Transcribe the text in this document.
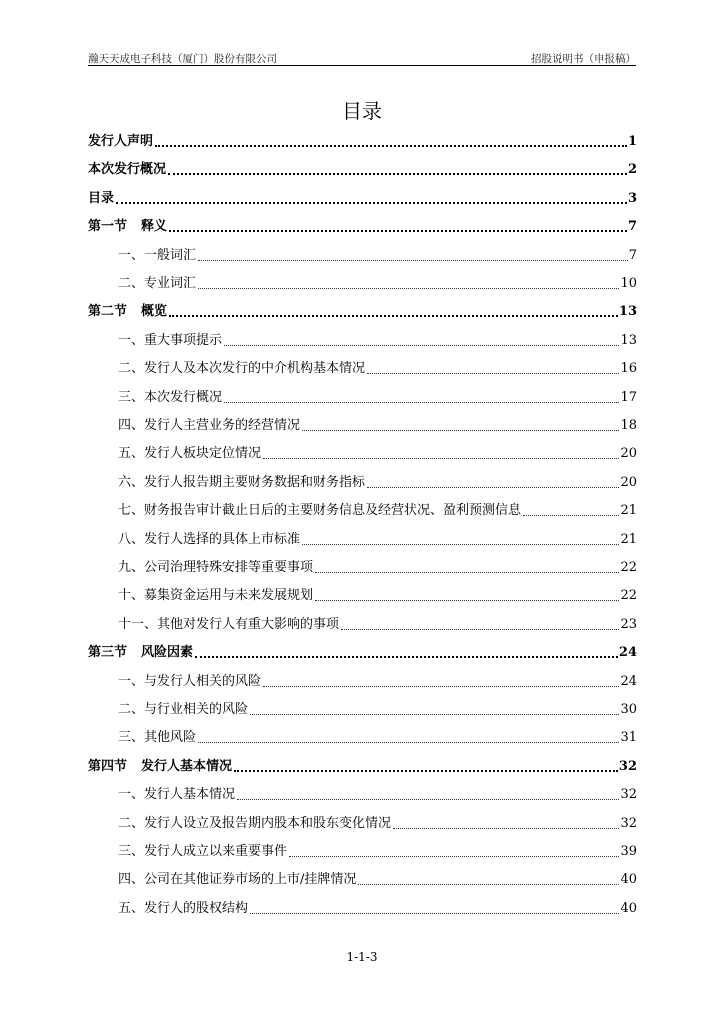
瀚天天成电子科技（厦门）股份有限公司	招股说明书（申报稿）
目录
发行人声明	1
本次发行概况	2
目录	3
第一节 释义	7
一、一般词汇	7
二、专业词汇	10
第二节 概览	13
一、重大事项提示	13
二、发行人及本次发行的中介机构基本情况	16
三、本次发行概况	17
四、发行人主营业务的经营情况	18
五、发行人板块定位情况	20
六、发行人报告期主要财务数据和财务指标	20
七、财务报告审计截止日后的主要财务信息及经营状况、盈利预测信息	21
八、发行人选择的具体上市标准	21
九、公司治理特殊安排等重要事项	22
十、募集资金运用与未来发展规划	22
十一、其他对发行人有重大影响的事项	23
第三节 风险因素	24
一、与发行人相关的风险	24
二、与行业相关的风险	30
三、其他风险	31
第四节 发行人基本情况	32
一、发行人基本情况	32
二、发行人设立及报告期内股本和股东变化情况	32
三、发行人成立以来重要事件	39
四、公司在其他证券市场的上市/挂牌情况	40
五、发行人的股权结构	40
1-1-3
